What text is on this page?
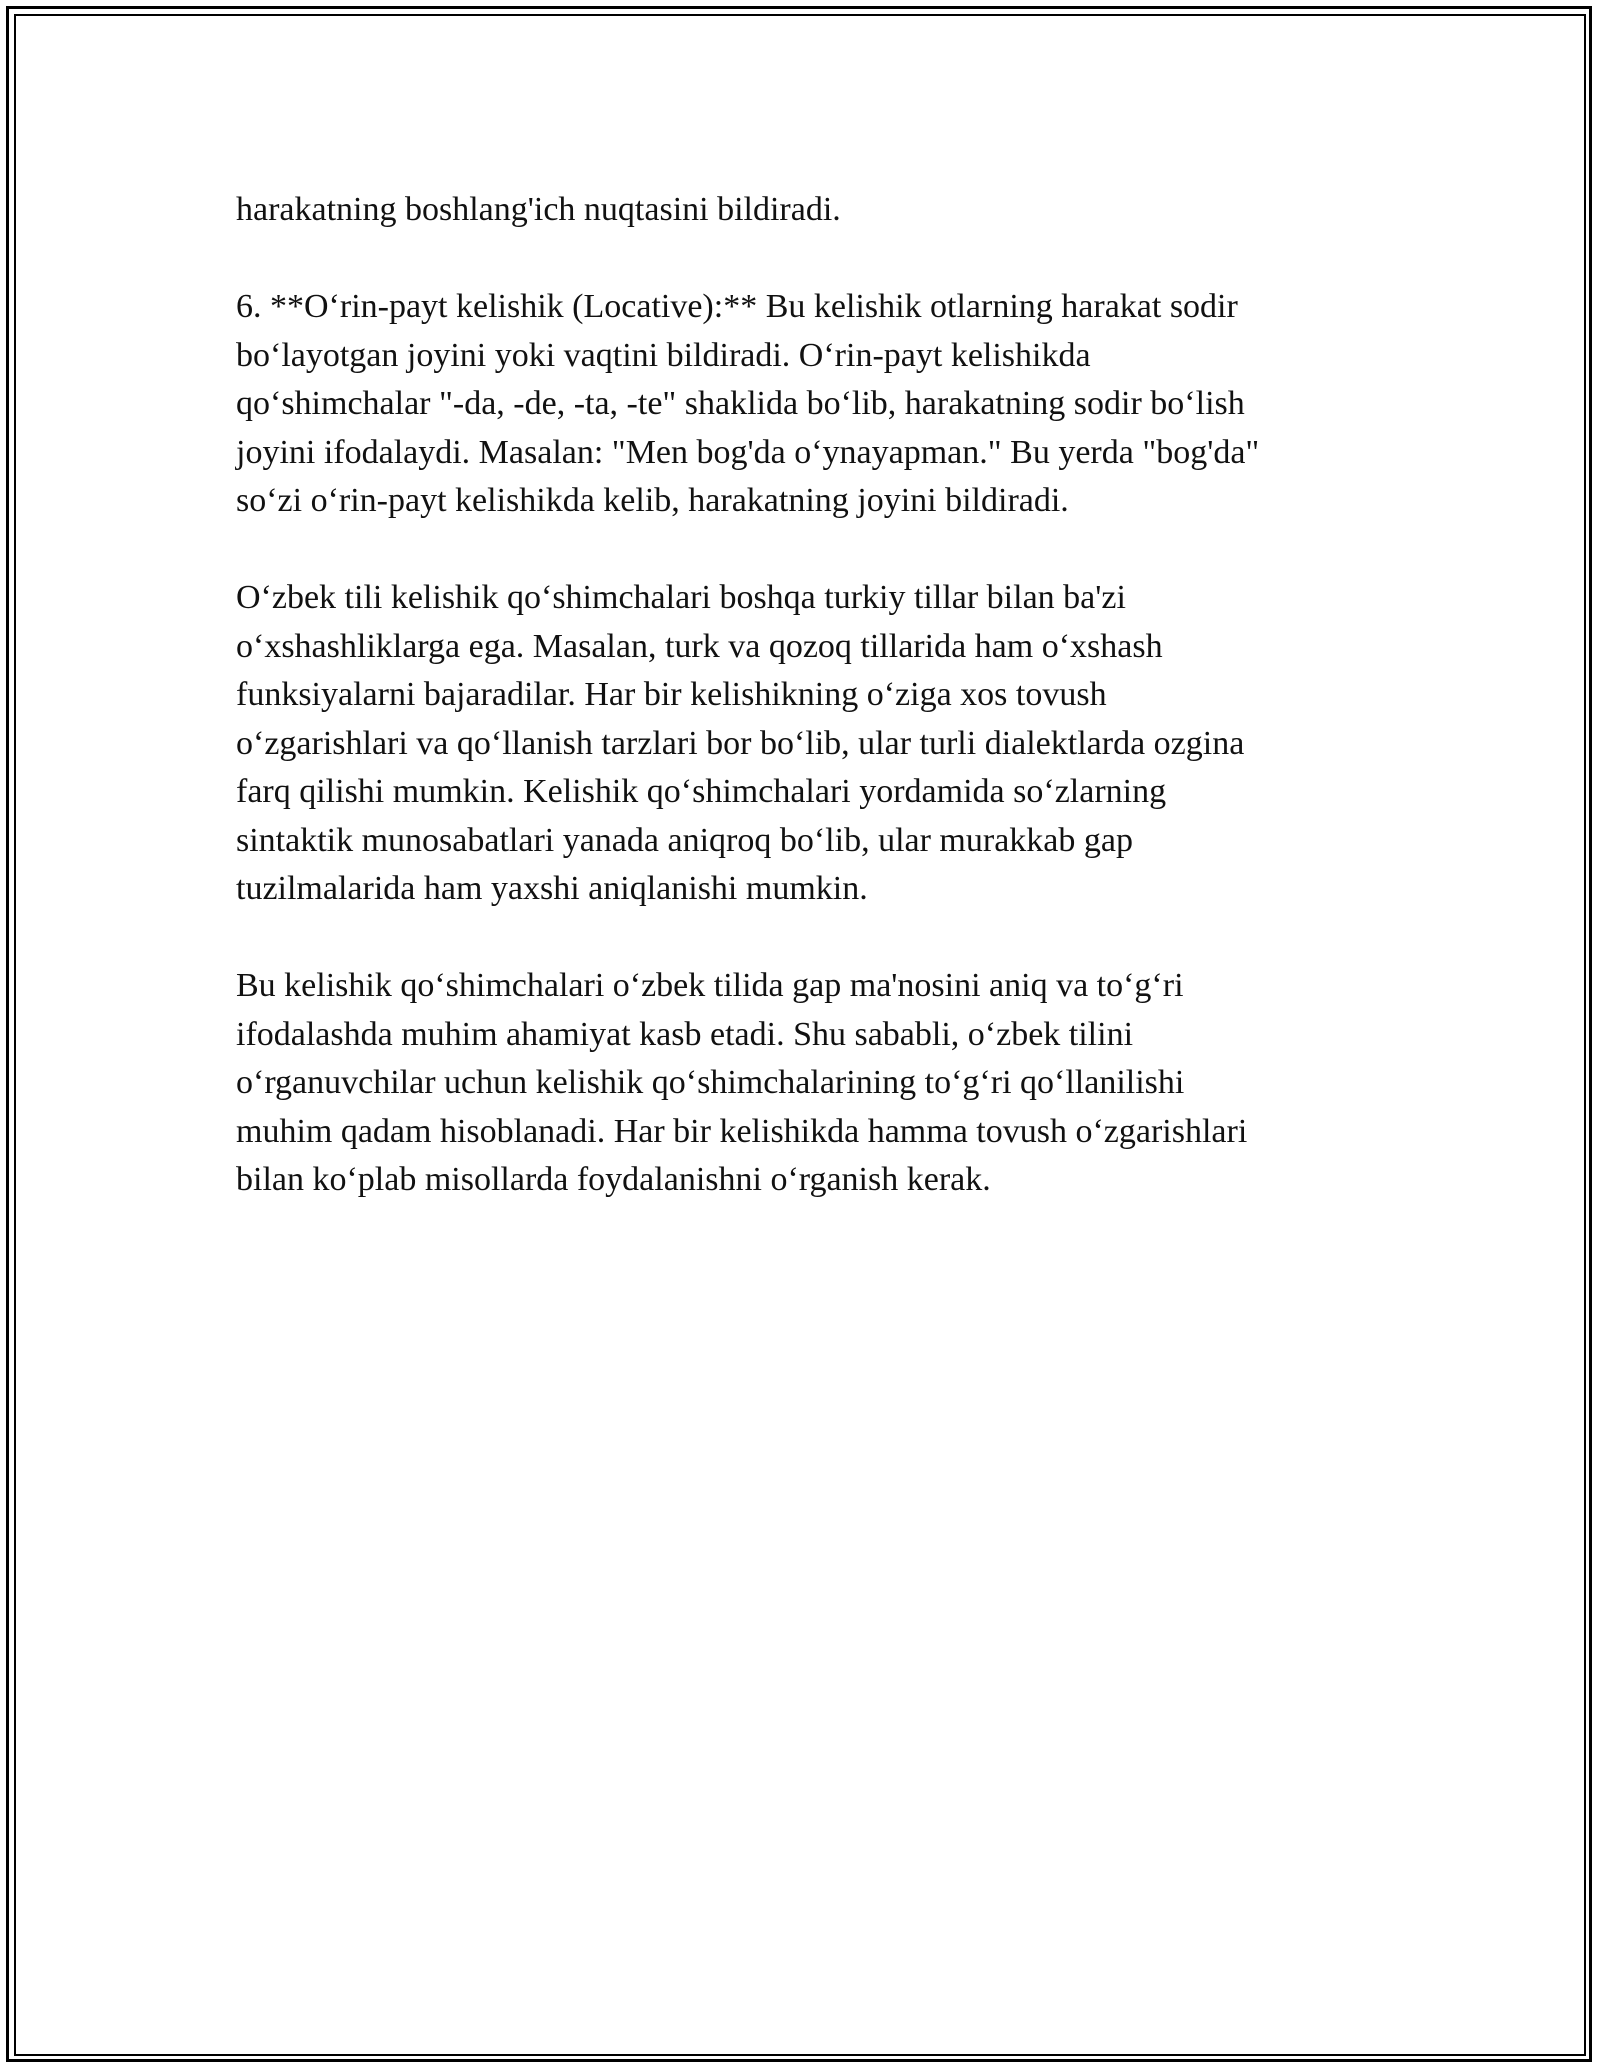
harakatning boshlang'ich nuqtasini bildiradi.

6. **O‘rin-payt kelishik (Locative):** Bu kelishik otlarning harakat sodir
bo‘layotgan joyini yoki vaqtini bildiradi. O‘rin-payt kelishikda
qo‘shimchalar "-da, -de, -ta, -te" shaklida bo‘lib, harakatning sodir bo‘lish
joyini ifodalaydi. Masalan: "Men bog'da o‘ynayapman." Bu yerda "bog'da"
so‘zi o‘rin-payt kelishikda kelib, harakatning joyini bildiradi.

O‘zbek tili kelishik qo‘shimchalari boshqa turkiy tillar bilan ba'zi
o‘xshashliklarga ega. Masalan, turk va qozoq tillarida ham o‘xshash
funksiyalarni bajaradilar. Har bir kelishikning o‘ziga xos tovush
o‘zgarishlari va qo‘llanish tarzlari bor bo‘lib, ular turli dialektlarda ozgina
farq qilishi mumkin. Kelishik qo‘shimchalari yordamida so‘zlarning
sintaktik munosabatlari yanada aniqroq bo‘lib, ular murakkab gap
tuzilmalarida ham yaxshi aniqlanishi mumkin.

Bu kelishik qo‘shimchalari o‘zbek tilida gap ma'nosini aniq va to‘g‘ri
ifodalashda muhim ahamiyat kasb etadi. Shu sababli, o‘zbek tilini
o‘rganuvchilar uchun kelishik qo‘shimchalarining to‘g‘ri qo‘llanilishi
muhim qadam hisoblanadi. Har bir kelishikda hamma tovush o‘zgarishlari
bilan ko‘plab misollarda foydalanishni o‘rganish kerak.
